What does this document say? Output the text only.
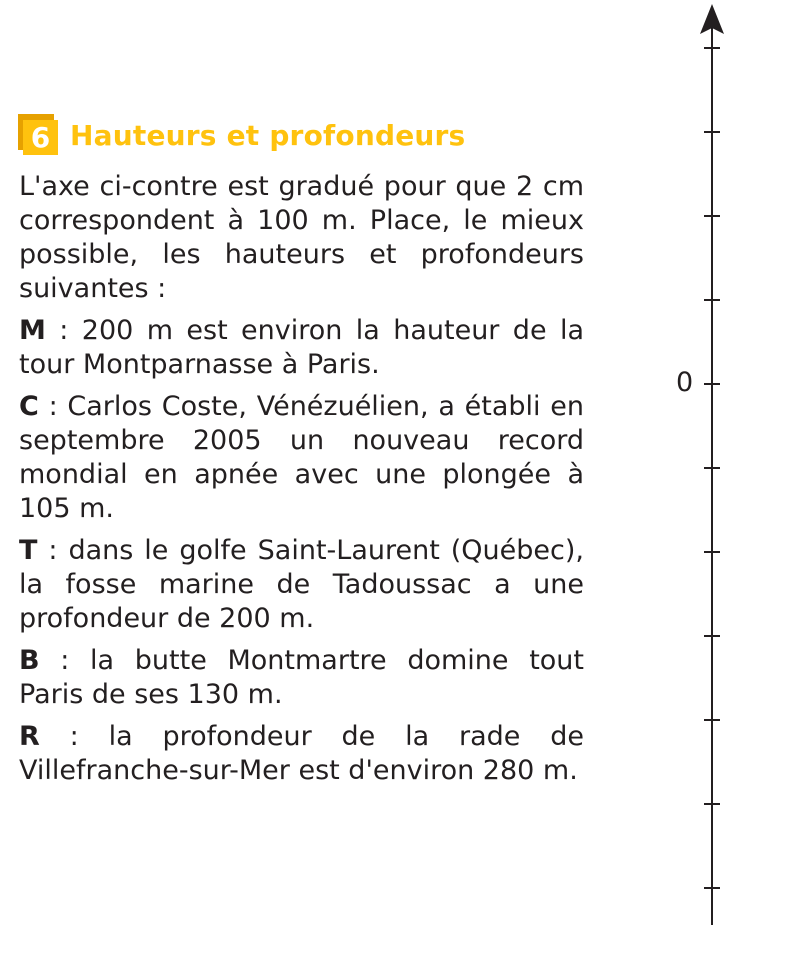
6 Hauteurs et profondeurs

L'axe ci-contre est gradué pour que 2 cm correspondent à 100 m. Place, le mieux possible, les hauteurs et profondeurs suivantes :

M : 200 m est environ la hauteur de la tour Montparnasse à Paris.

C : Carlos Coste, Vénézuélien, a établi en septembre 2005 un nouveau record mondial en apnée avec une plongée à 105 m.

T : dans le golfe Saint-Laurent (Québec), la fosse marine de Tadoussac a une profondeur de 200 m.

B : la butte Montmartre domine tout Paris de ses 130 m.

R : la profondeur de la rade de Villefranche-sur-Mer est d'environ 280 m.

0
